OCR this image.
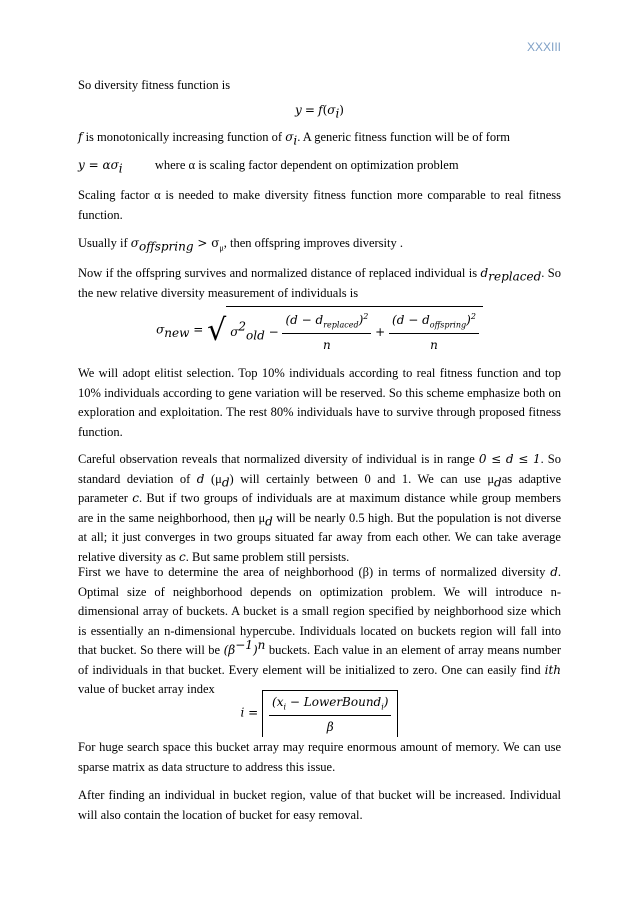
XXXIII
So diversity fitness function is
$y = f(\sigma_i)$
f is monotonically increasing function of $\sigma_i$. A generic fitness function will be of form
$y = \alpha\sigma_i$	where α is scaling factor dependent on optimization problem
Scaling factor α is needed to make diversity fitness function more comparable to real fitness function.
Usually if $\sigma_{offspring} > \sigma_\mu$, then offspring improves diversity .
Now if the offspring survives and normalized distance of replaced individual is $d_{replaced}$. So the new relative diversity measurement of individuals is
$\sigma_{new}$ = √ $\sigma^2_{old} - \frac{(d - d_{replaced})^2}{n} + \frac{(d - d_{offspring})^2}{n}$
We will adopt elitist selection. Top 10% individuals according to real fitness function and top 10% individuals according to gene variation will be reserved. So this scheme emphasize both on exploration and exploitation. The rest 80% individuals have to survive through proposed fitness function.
Careful observation reveals that normalized diversity of individual is in range 0 ≤ d ≤ 1. So standard deviation of d $(\mu_d)$ will certainly between 0 and 1. We can use $\mu_das$ adaptive parameter c. But if two groups of individuals are at maximum distance while group members are in the same neighborhood, then $\mu_d$ will be nearly 0.5 high. But the population is not diverse at all; it just converges in two groups situated far away from each other. We can take average relative diversity as c. But same problem still persists.
First we have to determine the area of neighborhood (β) in terms of normalized diversity d. Optimal size of neighborhood depends on optimization problem. We will introduce n-dimensional array of buckets. A bucket is a small region specified by neighborhood size which is essentially an n-dimensional hypercube. Individuals located on buckets region will fall into that bucket. So there will be $(\beta^{-1})^n$ buckets. Each value in an element of array means number of individuals in that bucket. Every element will be initialized to zero. One can easily find ith value of bucket array index
$i = \frac{(x_i - LowerBound_i)}{\beta}$
For huge search space this bucket array may require enormous amount of memory. We can use sparse matrix as data structure to address this issue.
After finding an individual in bucket region, value of that bucket will be increased. Individual will also contain the location of bucket for easy removal.
